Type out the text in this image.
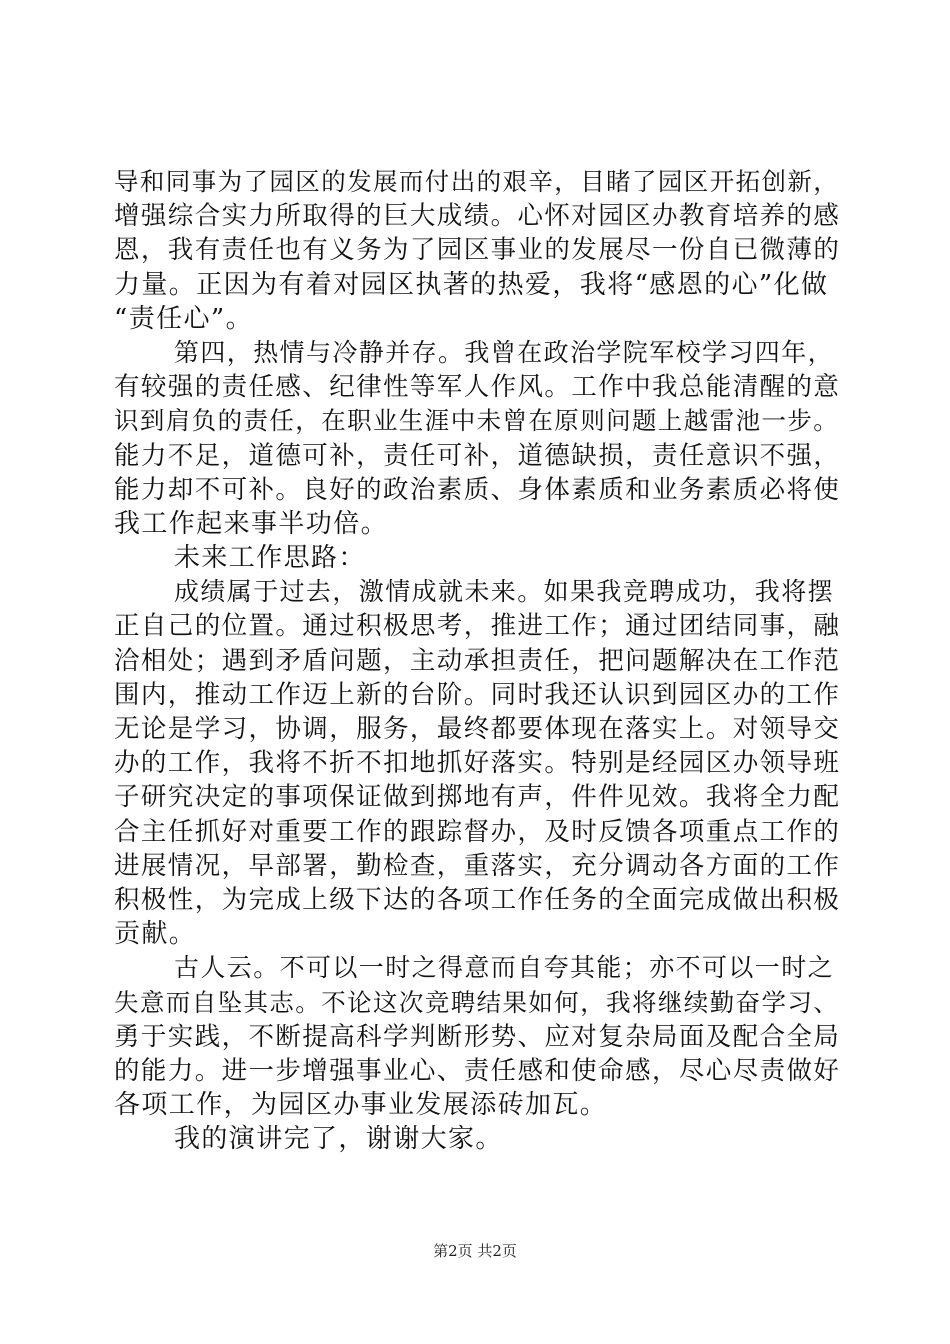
导和同事为了园区的发展而付出的艰辛，目睹了园区开拓创新，
增强综合实力所取得的巨大成绩。心怀对园区办教育培养的感
恩，我有责任也有义务为了园区事业的发展尽一份自已微薄的
力量。正因为有着对园区执著的热爱，我将“感恩的心”化做
“责任心”。
第四，热情与冷静并存。我曾在政治学院军校学习四年，
有较强的责任感、纪律性等军人作风。工作中我总能清醒的意
识到肩负的责任，在职业生涯中未曾在原则问题上越雷池一步。
能力不足，道德可补，责任可补，道德缺损，责任意识不强，
能力却不可补。良好的政治素质、身体素质和业务素质必将使
我工作起来事半功倍。
未来工作思路：
成绩属于过去，激情成就未来。如果我竞聘成功，我将摆
正自己的位置。通过积极思考，推进工作；通过团结同事，融
洽相处；遇到矛盾问题，主动承担责任，把问题解决在工作范
围内，推动工作迈上新的台阶。同时我还认识到园区办的工作
无论是学习，协调，服务，最终都要体现在落实上。对领导交
办的工作，我将不折不扣地抓好落实。特别是经园区办领导班
子研究决定的事项保证做到掷地有声，件件见效。我将全力配
合主任抓好对重要工作的跟踪督办，及时反馈各项重点工作的
进展情况，早部署，勤检查，重落实，充分调动各方面的工作
积极性，为完成上级下达的各项工作任务的全面完成做出积极
贡献。
古人云。不可以一时之得意而自夸其能；亦不可以一时之
失意而自坠其志。不论这次竞聘结果如何，我将继续勤奋学习、
勇于实践，不断提高科学判断形势、应对复杂局面及配合全局
的能力。进一步增强事业心、责任感和使命感，尽心尽责做好
各项工作，为园区办事业发展添砖加瓦。
我的演讲完了，谢谢大家。
第2页 共2页
